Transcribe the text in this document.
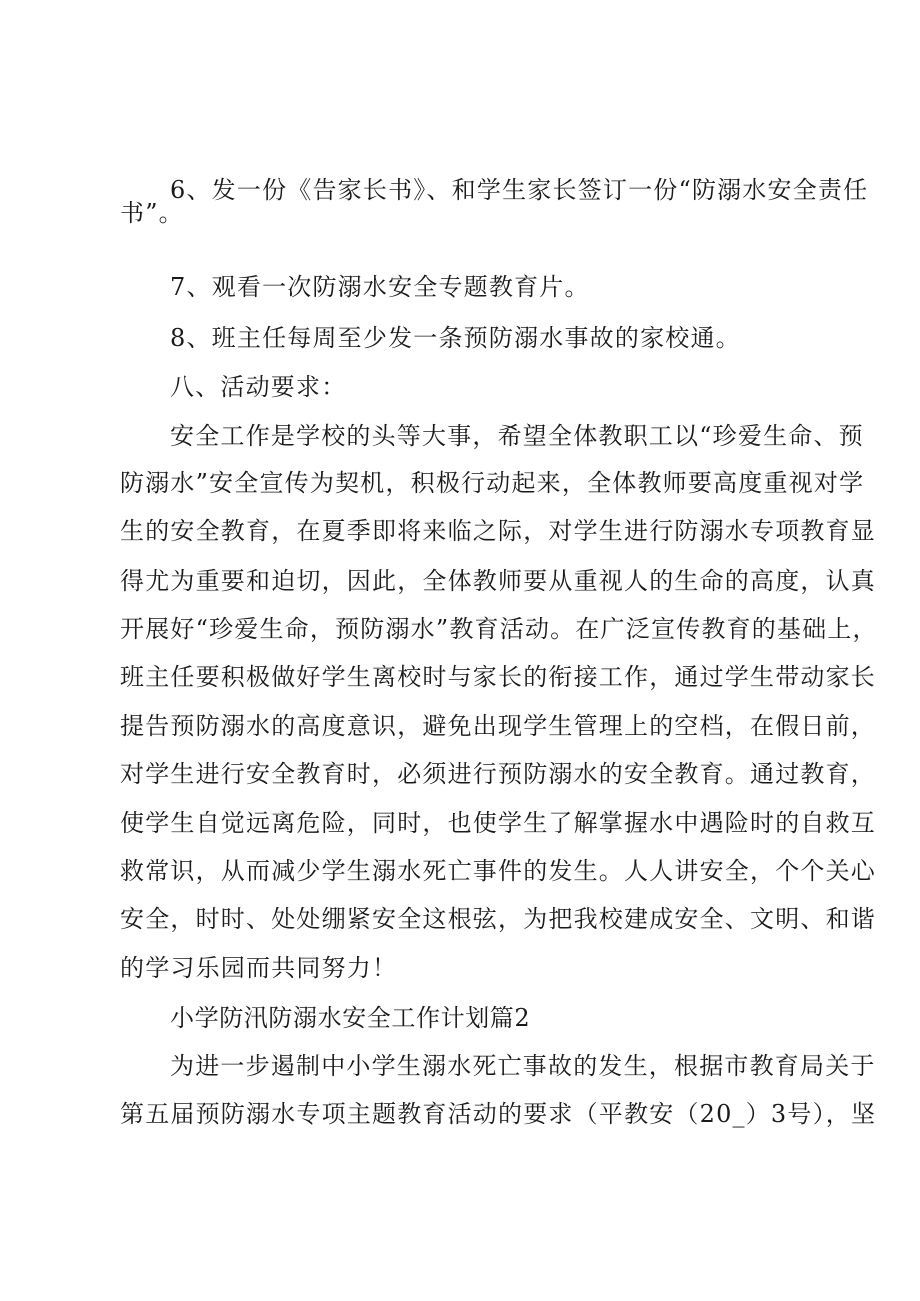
6、发一份《告家长书》、和学生家长签订一份“防溺水安全责任
书”。
7、观看一次防溺水安全专题教育片。
8、班主任每周至少发一条预防溺水事故的家校通。
八、活动要求：
安全工作是学校的头等大事，希望全体教职工以“珍爱生命、预
防溺水”安全宣传为契机，积极行动起来，全体教师要高度重视对学
生的安全教育，在夏季即将来临之际，对学生进行防溺水专项教育显
得尤为重要和迫切，因此，全体教师要从重视人的生命的高度，认真
开展好“珍爱生命，预防溺水”教育活动。在广泛宣传教育的基础上，
班主任要积极做好学生离校时与家长的衔接工作，通过学生带动家长
提告预防溺水的高度意识，避免出现学生管理上的空档，在假日前，
对学生进行安全教育时，必须进行预防溺水的安全教育。通过教育，
使学生自觉远离危险，同时，也使学生了解掌握水中遇险时的自救互
救常识，从而减少学生溺水死亡事件的发生。人人讲安全，个个关心
安全，时时、处处绷紧安全这根弦，为把我校建成安全、文明、和谐
的学习乐园而共同努力！
小学防汛防溺水安全工作计划篇2
为进一步遏制中小学生溺水死亡事故的发生，根据市教育局关于
第五届预防溺水专项主题教育活动的要求（平教安（20_）3号），坚
